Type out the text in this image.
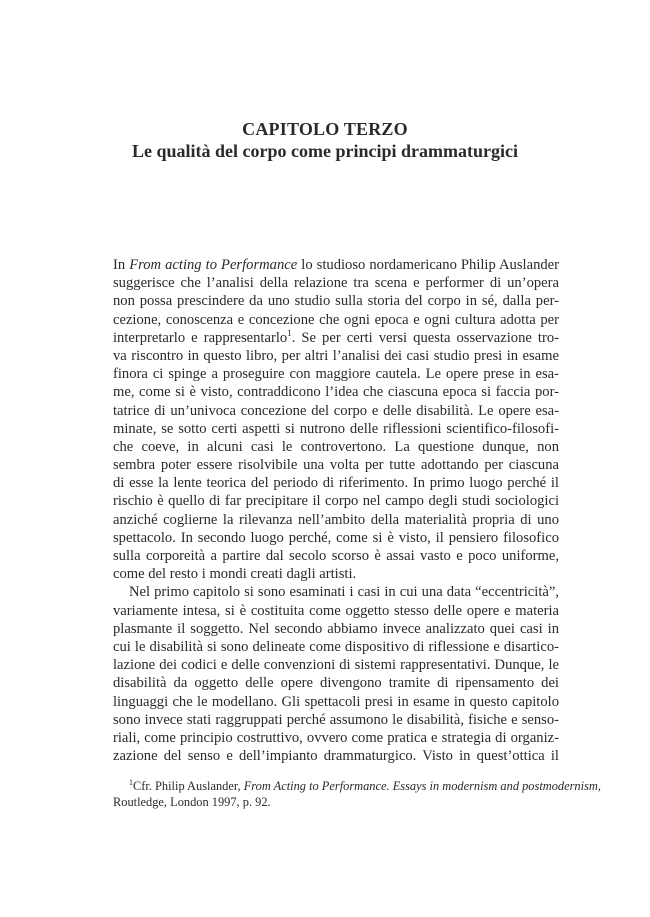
CAPITOLO TERZO
Le qualità del corpo come principi drammaturgici
In From acting to Performance lo studioso nordamericano Philip Auslander
suggerisce che l’analisi della relazione tra scena e performer di un’opera
non possa prescindere da uno studio sulla storia del corpo in sé, dalla per-
cezione, conoscenza e concezione che ogni epoca e ogni cultura adotta per
interpretarlo e rappresentarlo$^1$. Se per certi versi questa osservazione tro-
va riscontro in questo libro, per altri l’analisi dei casi studio presi in esame
finora ci spinge a proseguire con maggiore cautela. Le opere prese in esa-
me, come si è visto, contraddicono l’idea che ciascuna epoca si faccia por-
tatrice di un’univoca concezione del corpo e delle disabilità. Le opere esa-
minate, se sotto certi aspetti si nutrono delle riflessioni scientifico-filosofi-
che coeve, in alcuni casi le controvertono. La questione dunque, non
sembra poter essere risolvibile una volta per tutte adottando per ciascuna
di esse la lente teorica del periodo di riferimento. In primo luogo perché il
rischio è quello di far precipitare il corpo nel campo degli studi sociologici
anziché coglierne la rilevanza nell’ambito della materialità propria di uno
spettacolo. In secondo luogo perché, come si è visto, il pensiero filosofico
sulla corporeità a partire dal secolo scorso è assai vasto e poco uniforme,
come del resto i mondi creati dagli artisti.
Nel primo capitolo si sono esaminati i casi in cui una data “eccentricità”,
variamente intesa, si è costituita come oggetto stesso delle opere e materia
plasmante il soggetto. Nel secondo abbiamo invece analizzato quei casi in
cui le disabilità si sono delineate come dispositivo di riflessione e disartico-
lazione dei codici e delle convenzioni di sistemi rappresentativi. Dunque, le
disabilità da oggetto delle opere divengono tramite di ripensamento dei
linguaggi che le modellano. Gli spettacoli presi in esame in questo capitolo
sono invece stati raggruppati perché assumono le disabilità, fisiche e senso-
riali, come principio costruttivo, ovvero come pratica e strategia di organiz-
zazione del senso e dell’impianto drammaturgico. Visto in quest’ottica il
$^1$Cfr. Philip Auslander, From Acting to Performance. Essays in modernism and postmodernism,
Routledge, London 1997, p. 92.
